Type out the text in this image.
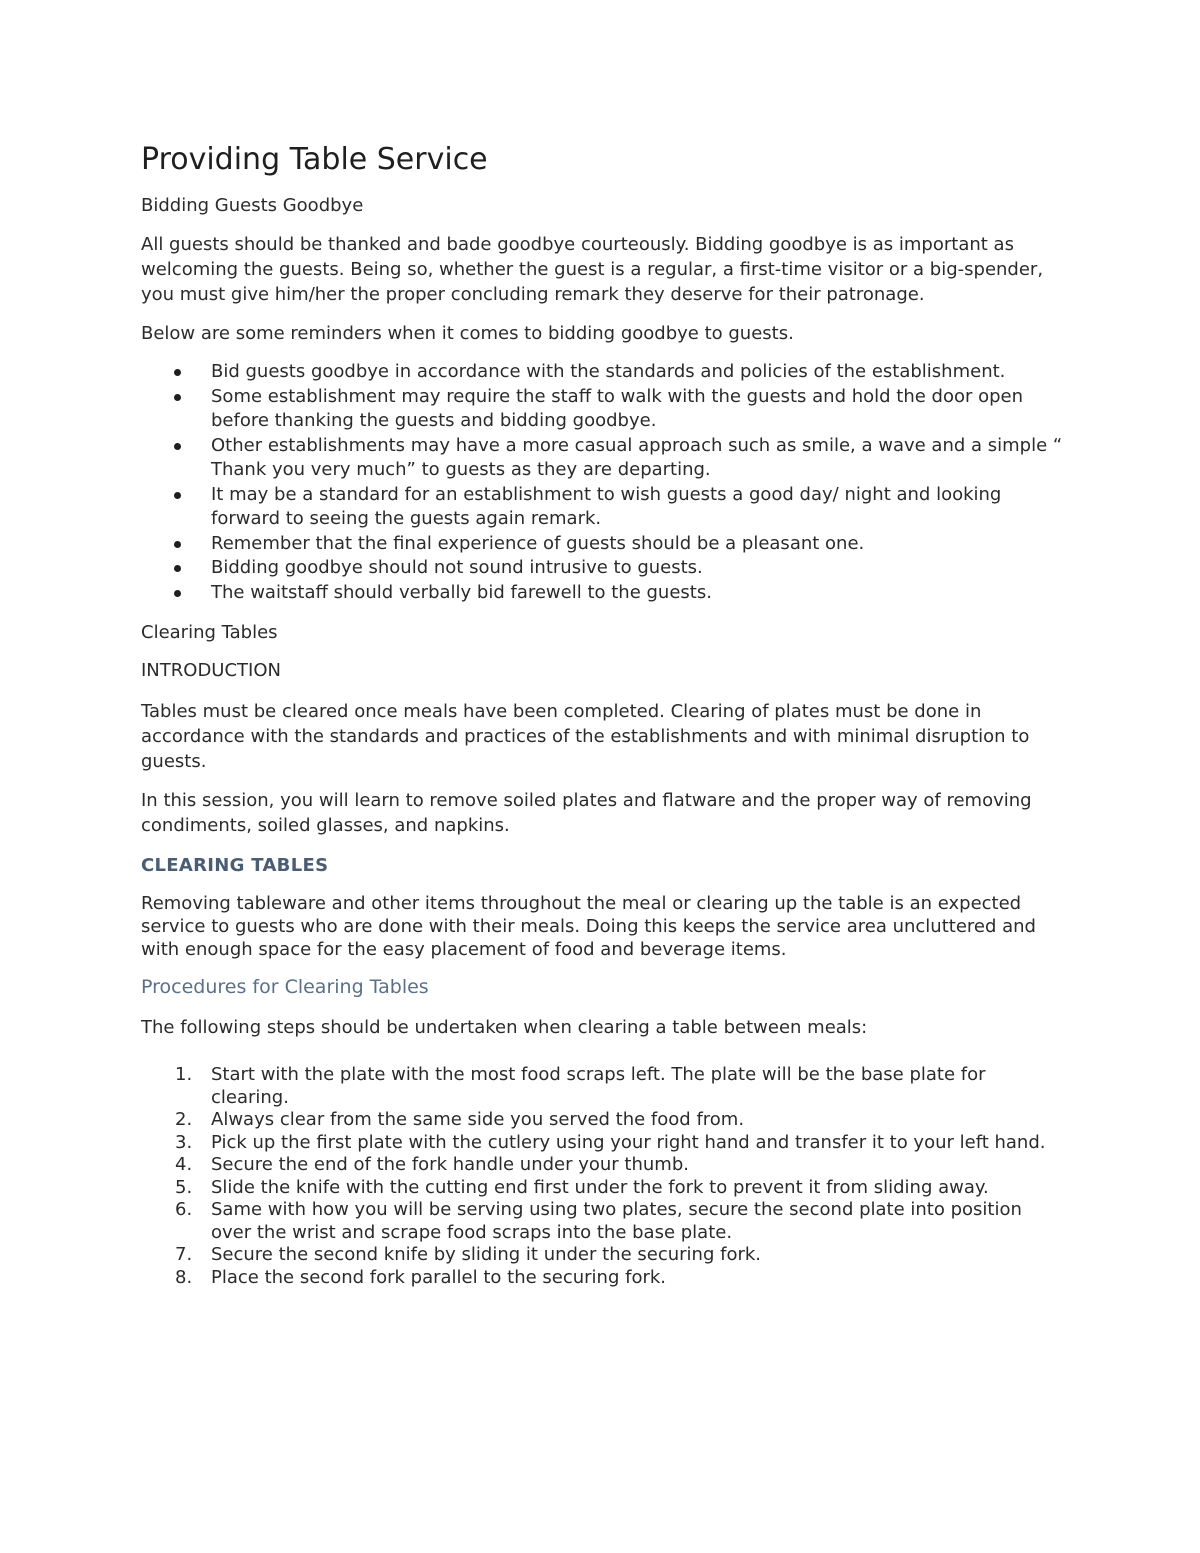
Providing Table Service
Bidding Guests Goodbye

All guests should be thanked and bade goodbye courteously. Bidding goodbye is as important as welcoming the guests. Being so, whether the guest is a regular, a first-time visitor or a big-spender, you must give him/her the proper concluding remark they deserve for their patronage.

Below are some reminders when it comes to bidding goodbye to guests.

Bid guests goodbye in accordance with the standards and policies of the establishment.
Some establishment may require the staff to walk with the guests and hold the door open before thanking the guests and bidding goodbye.
Other establishments may have a more casual approach such as smile, a wave and a simple “ Thank you very much” to guests as they are departing.
It may be a standard for an establishment to wish guests a good day/ night and looking forward to seeing the guests again remark.
Remember that the final experience of guests should be a pleasant one.
Bidding goodbye should not sound intrusive to guests.
The waitstaff should verbally bid farewell to the guests.
Clearing Tables
INTRODUCTION

Tables must be cleared once meals have been completed. Clearing of plates must be done in accordance with the standards and practices of the establishments and with minimal disruption to guests.

In this session, you will learn to remove soiled plates and flatware and the proper way of removing condiments, soiled glasses, and napkins.

CLEARING TABLES

Removing tableware and other items throughout the meal or clearing up the table is an expected service to guests who are done with their meals. Doing this keeps the service area uncluttered and with enough space for the easy placement of food and beverage items.

Procedures for Clearing Tables

The following steps should be undertaken when clearing a table between meals:

1. Start with the plate with the most food scraps left. The plate will be the base plate for clearing.
2. Always clear from the same side you served the food from.
3. Pick up the first plate with the cutlery using your right hand and transfer it to your left hand.
4. Secure the end of the fork handle under your thumb.
5. Slide the knife with the cutting end first under the fork to prevent it from sliding away.
6. Same with how you will be serving using two plates, secure the second plate into position over the wrist and scrape food scraps into the base plate.
7. Secure the second knife by sliding it under the securing fork.
8. Place the second fork parallel to the securing fork.
